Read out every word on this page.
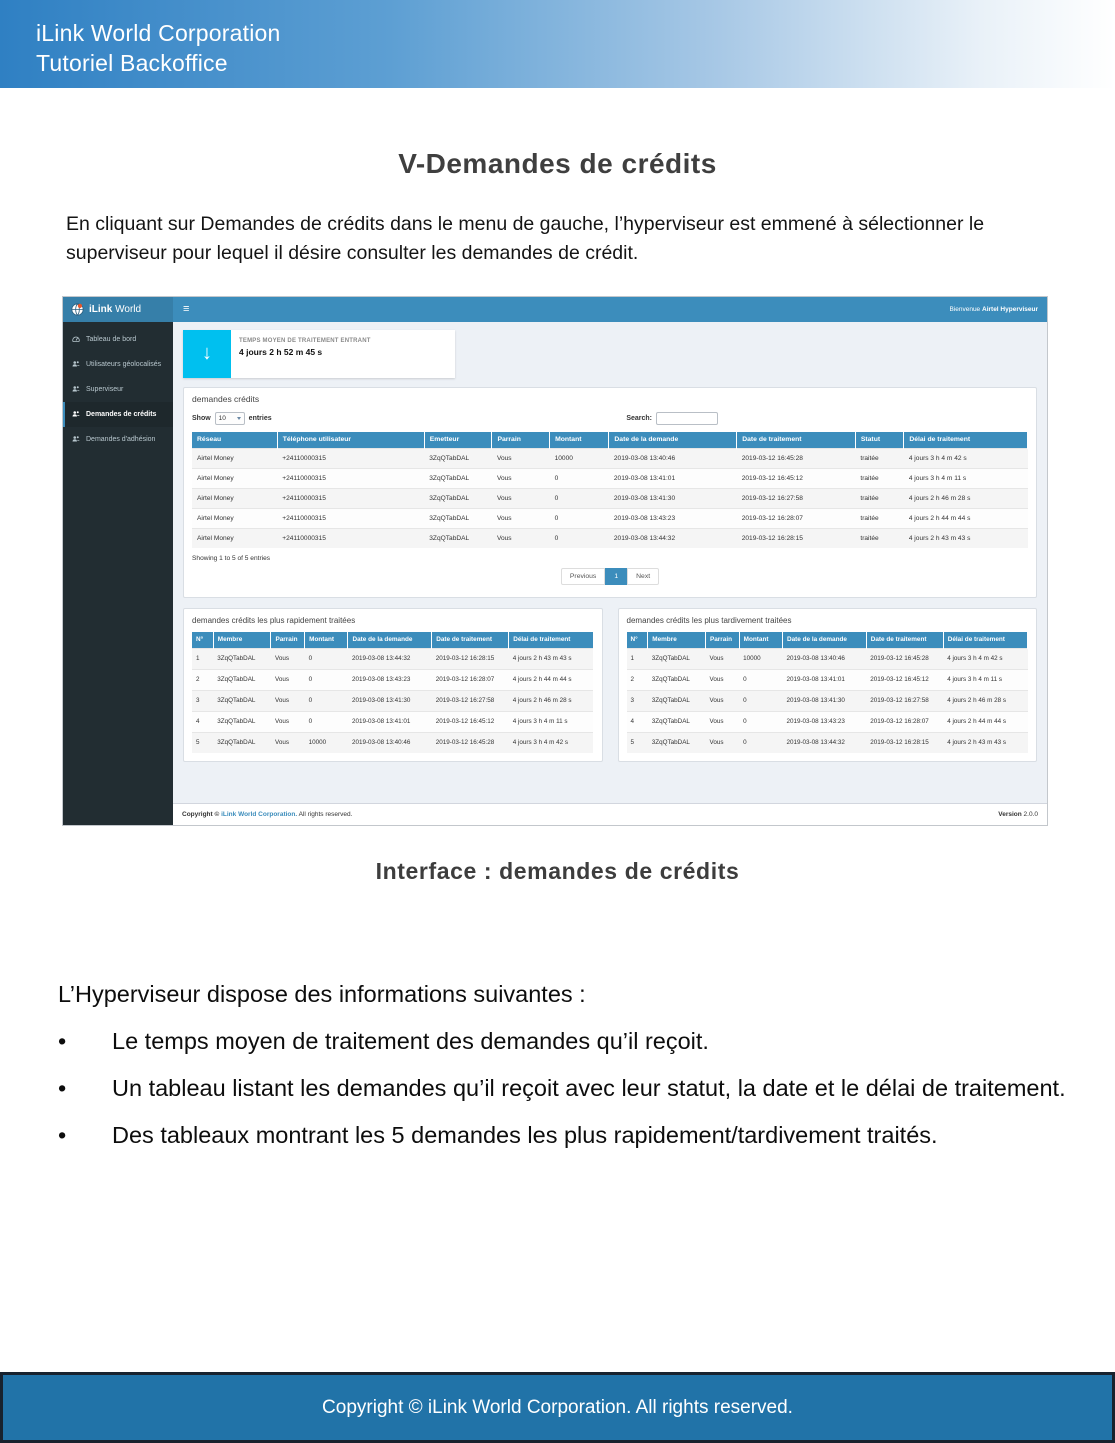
iLink World Corporation
Tutoriel Backoffice
V-Demandes de crédits

En cliquant sur Demandes de crédits dans le menu de gauche, l’hyperviseur est emmené à sélectionner le superviseur pour lequel il désire consulter les demandes de crédit.

iLink World	≡	Bienvenue Airtel Hyperviseur
Tableau de bord
Utilisateurs géolocalisés
Superviseur
Demandes de crédits
Demandes d'adhésion
↓
TEMPS MOYEN DE TRAITEMENT ENTRANT
4 jours 2 h 52 m 45 s
demandes crédits
Show 10	entries	Search:
Réseau	Téléphone utilisateur	Emetteur	Parrain	Montant	Date de la demande	Date de traitement	Statut	Délai de traitement
Airtel Money	+24110000315	3ZqQTabDAL	Vous	10000	2019-03-08 13:40:46	2019-03-12 16:45:28	traitée	4 jours 3 h 4 m 42 s
Airtel Money	+24110000315	3ZqQTabDAL	Vous	0	2019-03-08 13:41:01	2019-03-12 16:45:12	traitée	4 jours 3 h 4 m 11 s
Airtel Money	+24110000315	3ZqQTabDAL	Vous	0	2019-03-08 13:41:30	2019-03-12 16:27:58	traitée	4 jours 2 h 46 m 28 s
Airtel Money	+24110000315	3ZqQTabDAL	Vous	0	2019-03-08 13:43:23	2019-03-12 16:28:07	traitée	4 jours 2 h 44 m 44 s
Airtel Money	+24110000315	3ZqQTabDAL	Vous	0	2019-03-08 13:44:32	2019-03-12 16:28:15	traitée	4 jours 2 h 43 m 43 s
Showing 1 to 5 of 5 entries
Previous	1	Next
demandes crédits les plus rapidement traitées
N°	Membre	Parrain	Montant	Date de la demande	Date de traitement	Délai de traitement
1	3ZqQTabDAL	Vous	0	2019-03-08 13:44:32	2019-03-12 16:28:15	4 jours 2 h 43 m 43 s
2	3ZqQTabDAL	Vous	0	2019-03-08 13:43:23	2019-03-12 16:28:07	4 jours 2 h 44 m 44 s
3	3ZqQTabDAL	Vous	0	2019-03-08 13:41:30	2019-03-12 16:27:58	4 jours 2 h 46 m 28 s
4	3ZqQTabDAL	Vous	0	2019-03-08 13:41:01	2019-03-12 16:45:12	4 jours 3 h 4 m 11 s
5	3ZqQTabDAL	Vous	10000	2019-03-08 13:40:46	2019-03-12 16:45:28	4 jours 3 h 4 m 42 s
demandes crédits les plus tardivement traitées
N°	Membre	Parrain	Montant	Date de la demande	Date de traitement	Délai de traitement
1	3ZqQTabDAL	Vous	10000	2019-03-08 13:40:46	2019-03-12 16:45:28	4 jours 3 h 4 m 42 s
2	3ZqQTabDAL	Vous	0	2019-03-08 13:41:01	2019-03-12 16:45:12	4 jours 3 h 4 m 11 s
3	3ZqQTabDAL	Vous	0	2019-03-08 13:41:30	2019-03-12 16:27:58	4 jours 2 h 46 m 28 s
4	3ZqQTabDAL	Vous	0	2019-03-08 13:43:23	2019-03-12 16:28:07	4 jours 2 h 44 m 44 s
5	3ZqQTabDAL	Vous	0	2019-03-08 13:44:32	2019-03-12 16:28:15	4 jours 2 h 43 m 43 s
Copyright © iLink World Corporation. All rights reserved.	Version 2.0.0
Interface : demandes de crédits

L’Hyperviseur dispose des informations suivantes :

•	Le temps moyen de traitement des demandes qu’il reçoit.
•	Un tableau listant les demandes qu’il reçoit avec leur statut, la date et le délai de traitement.
•	Des tableaux montrant les 5 demandes les plus rapidement/tardivement traités.
Copyright © iLink World Corporation. All rights reserved.
